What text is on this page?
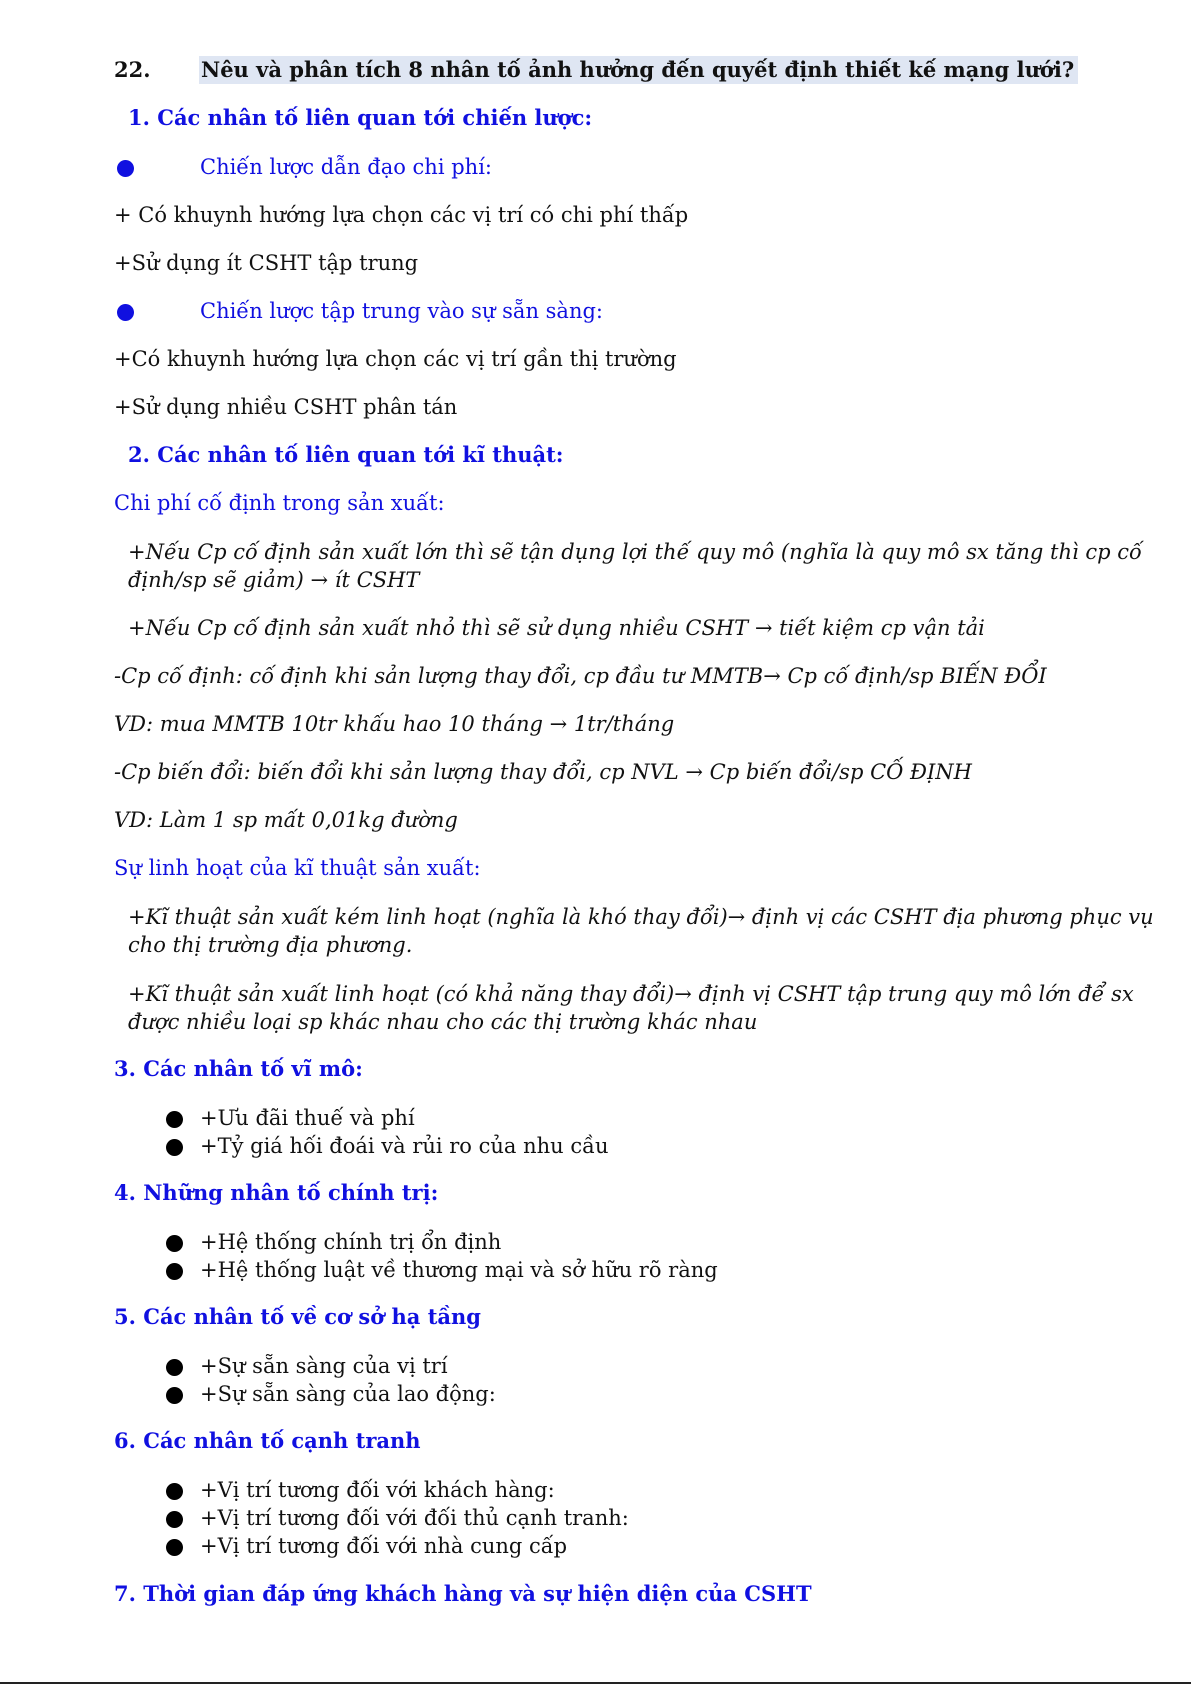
22. Nêu và phân tích 8 nhân tố ảnh hưởng đến quyết định thiết kế mạng lưới?
1. Các nhân tố liên quan tới chiến lược:
Chiến lược dẫn đạo chi phí:
+ Có khuynh hướng lựa chọn các vị trí có chi phí thấp
+Sử dụng ít CSHT tập trung
Chiến lược tập trung vào sự sẵn sàng:
+Có khuynh hướng lựa chọn các vị trí gần thị trường
+Sử dụng nhiều CSHT phân tán
2. Các nhân tố liên quan tới kĩ thuật:
Chi phí cố định trong sản xuất:
+Nếu Cp cố định sản xuất lớn thì sẽ tận dụng lợi thế quy mô (nghĩa là quy mô sx tăng thì cp cố
định/sp sẽ giảm) → ít CSHT
+Nếu Cp cố định sản xuất nhỏ thì sẽ sử dụng nhiều CSHT → tiết kiệm cp vận tải
-Cp cố định: cố định khi sản lượng thay đổi, cp đầu tư MMTB→ Cp cố định/sp BIẾN ĐỔI
VD: mua MMTB 10tr khấu hao 10 tháng → 1tr/tháng
-Cp biến đổi: biến đổi khi sản lượng thay đổi, cp NVL → Cp biến đổi/sp CỐ ĐỊNH
VD: Làm 1 sp mất 0,01kg đường
Sự linh hoạt của kĩ thuật sản xuất:
+Kĩ thuật sản xuất kém linh hoạt (nghĩa là khó thay đổi)→ định vị các CSHT địa phương phục vụ
cho thị trường địa phương.
+Kĩ thuật sản xuất linh hoạt (có khả năng thay đổi)→ định vị CSHT tập trung quy mô lớn để sx
được nhiều loại sp khác nhau cho các thị trường khác nhau
3. Các nhân tố vĩ mô:
+Ưu đãi thuế và phí
+Tỷ giá hối đoái và rủi ro của nhu cầu
4. Những nhân tố chính trị:
+Hệ thống chính trị ổn định
+Hệ thống luật về thương mại và sở hữu rõ ràng
5. Các nhân tố về cơ sở hạ tầng
+Sự sẵn sàng của vị trí
+Sự sẵn sàng của lao động:
6. Các nhân tố cạnh tranh
+Vị trí tương đối với khách hàng:
+Vị trí tương đối với đối thủ cạnh tranh:
+Vị trí tương đối với nhà cung cấp
7. Thời gian đáp ứng khách hàng và sự hiện diện của CSHT
